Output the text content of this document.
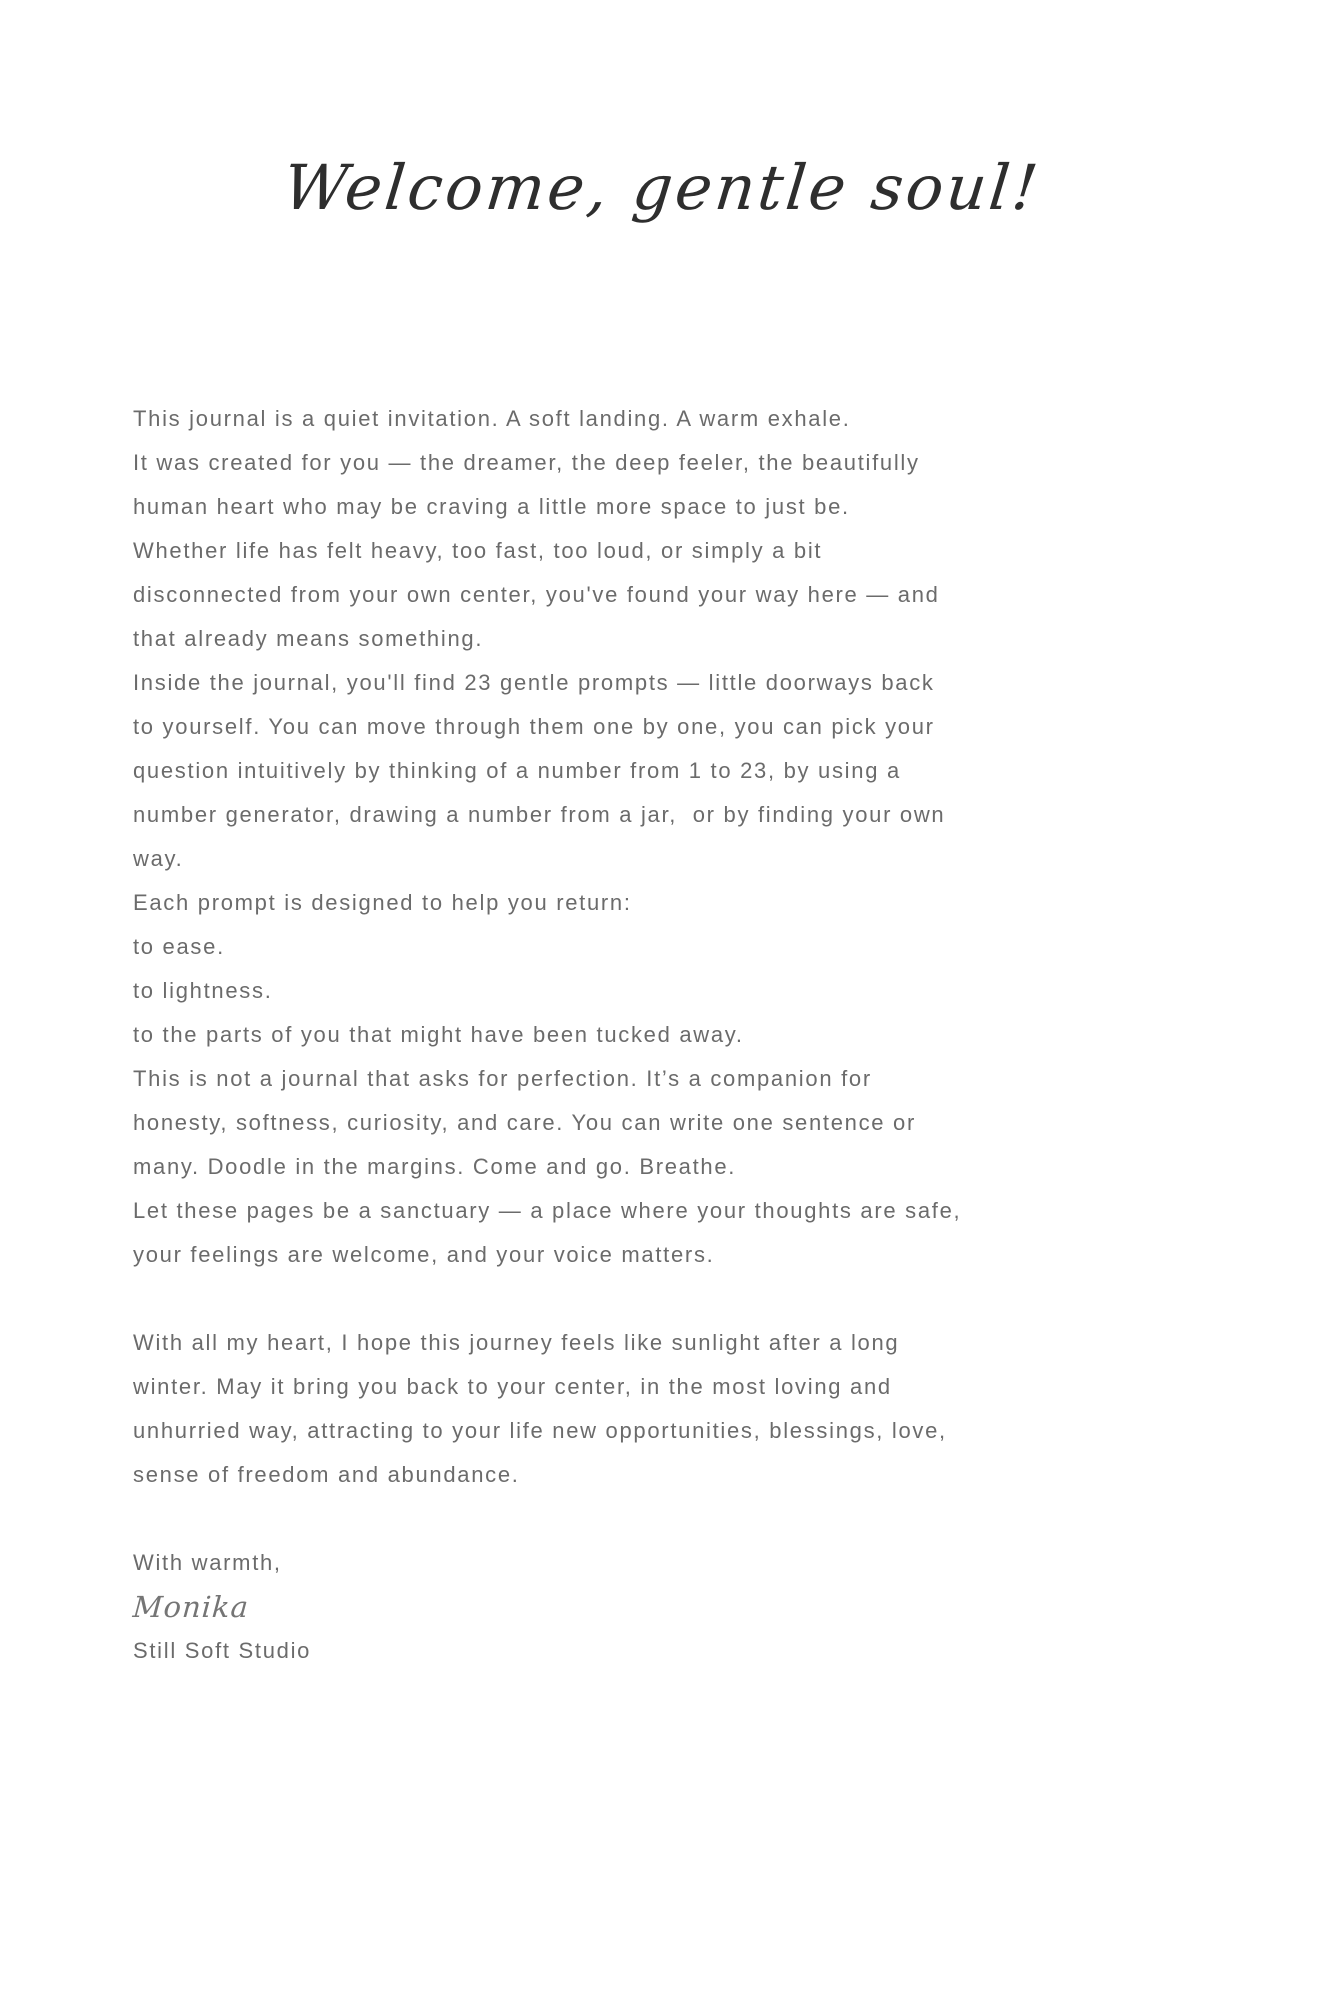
Welcome, gentle soul!
This journal is a quiet invitation. A soft landing. A warm exhale.
It was created for you — the dreamer, the deep feeler, the beautifully
human heart who may be craving a little more space to just be.
Whether life has felt heavy, too fast, too loud, or simply a bit
disconnected from your own center, you've found your way here — and
that already means something.
Inside the journal, you'll find 23 gentle prompts — little doorways back
to yourself. You can move through them one by one, you can pick your
question intuitively by thinking of a number from 1 to 23, by using a
number generator, drawing a number from a jar,  or by finding your own
way.
Each prompt is designed to help you return:
to ease.
to lightness.
to the parts of you that might have been tucked away.
This is not a journal that asks for perfection. It’s a companion for
honesty, softness, curiosity, and care. You can write one sentence or
many. Doodle in the margins. Come and go. Breathe.
Let these pages be a sanctuary — a place where your thoughts are safe,
your feelings are welcome, and your voice matters.
With all my heart, I hope this journey feels like sunlight after a long
winter. May it bring you back to your center, in the most loving and
unhurried way, attracting to your life new opportunities, blessings, love,
sense of freedom and abundance.
With warmth,
Monika
Still Soft Studio
